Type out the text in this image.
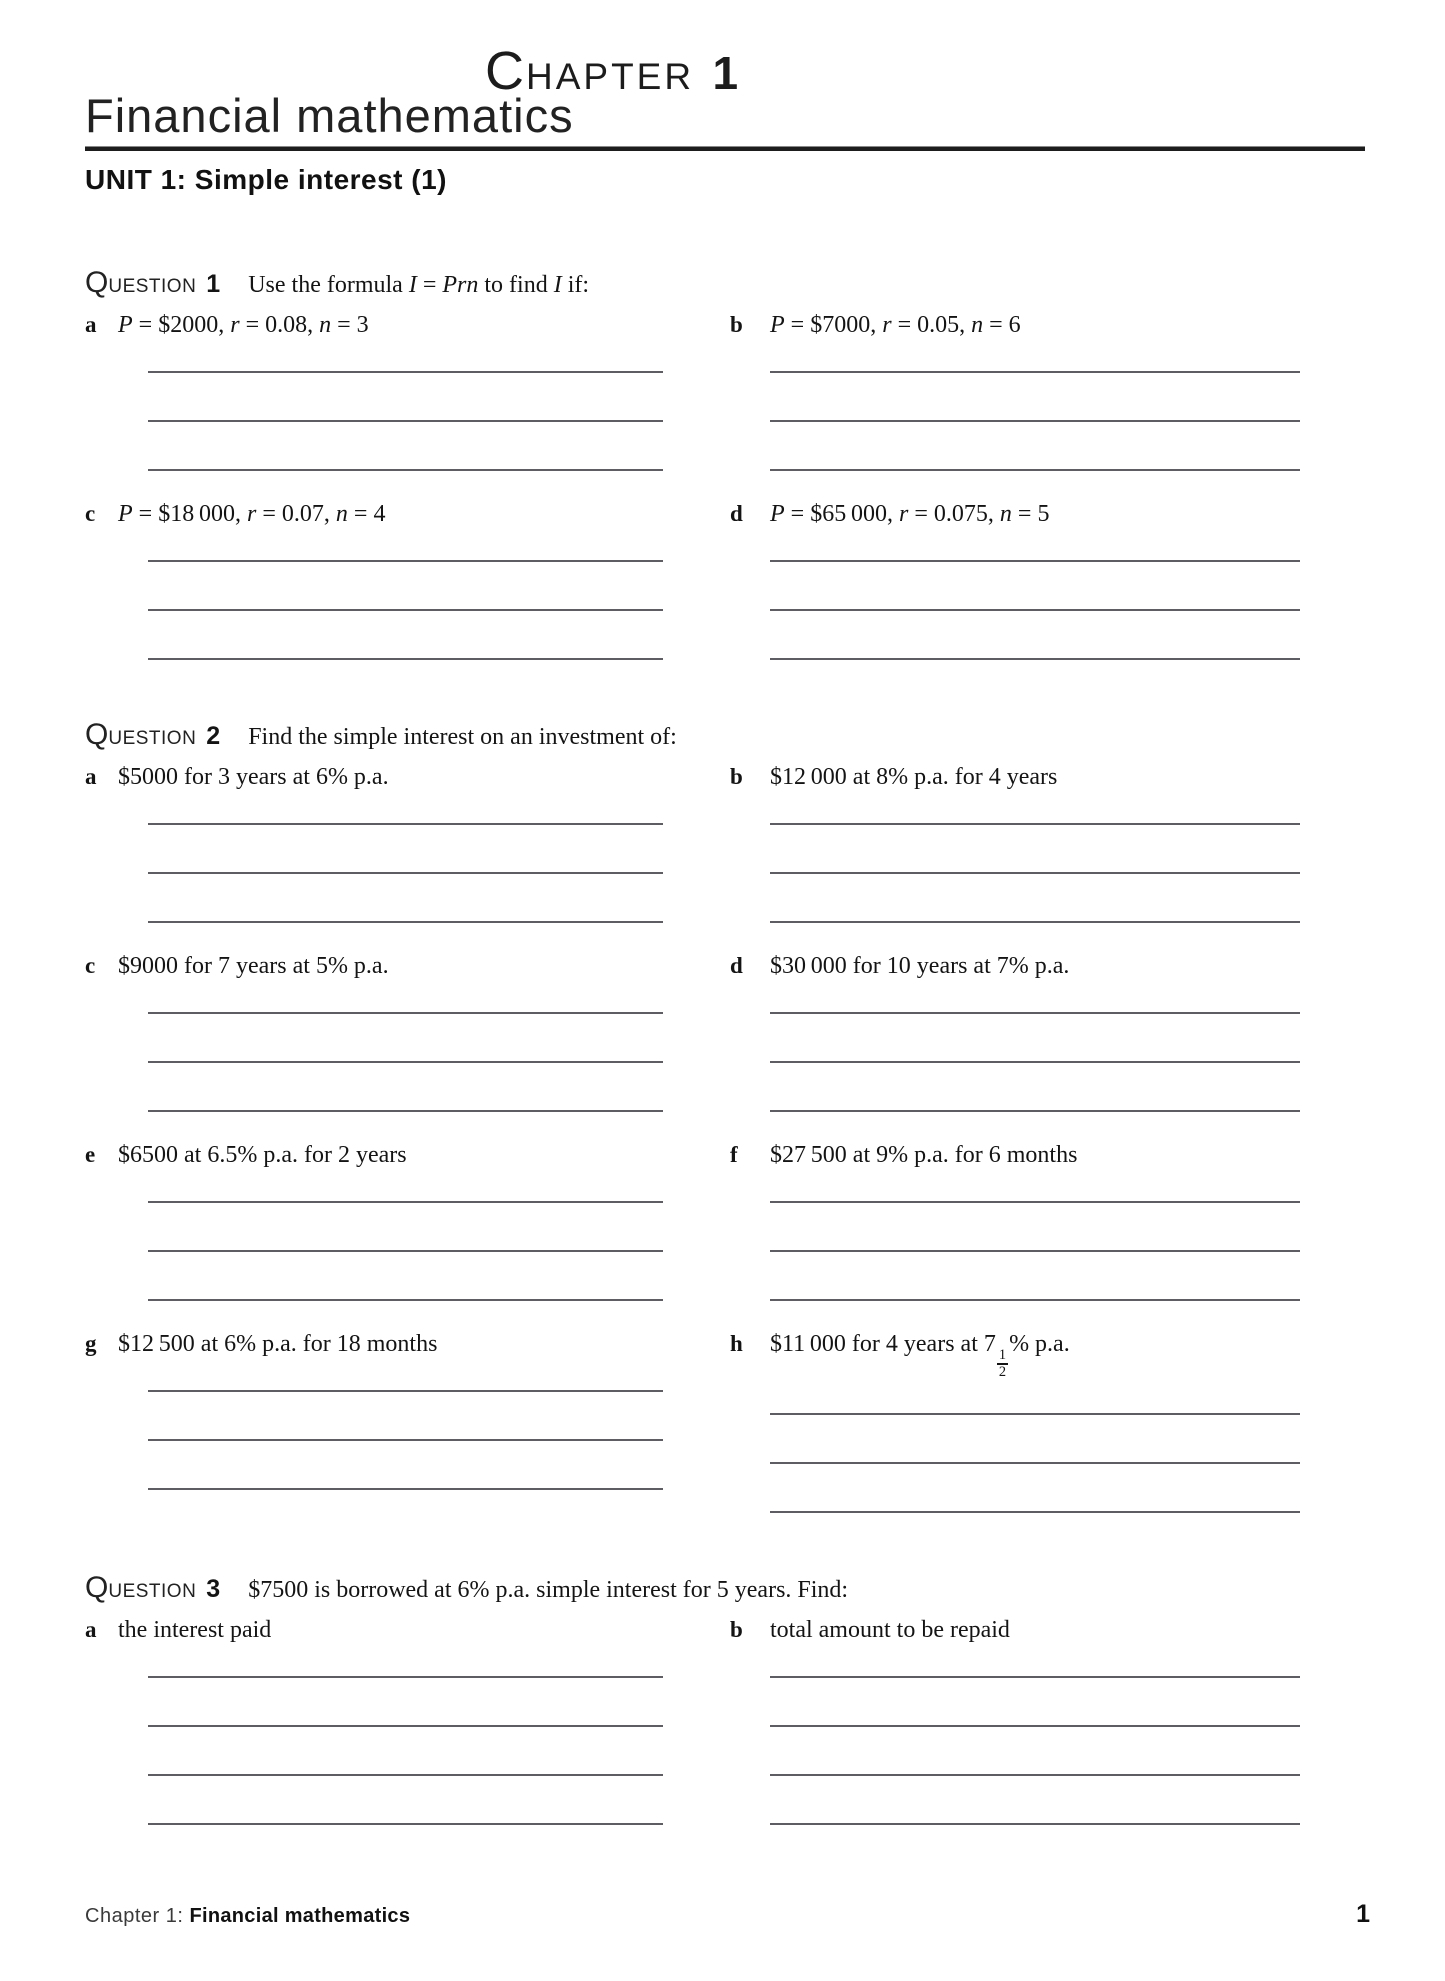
CHAPTER 1
Financial mathematics
UNIT 1: Simple interest (1)
QUESTION 1 Use the formula I = Prn to find I if:
a P = $2000, r = 0.08, n = 3	b	P = $7000, r = 0.05, n = 6
c P = $18 000, r = 0.07, n = 4	d	P = $65 000, r = 0.075, n = 5
QUESTION 2 Find the simple interest on an investment of:
a $5000 for 3 years at 6% p.a.	b	$12 000 at 8% p.a. for 4 years
c $9000 for 7 years at 5% p.a.	d	$30 000 for 10 years at 7% p.a.
e $6500 at 6.5% p.a. for 2 years	f	$27 500 at 9% p.a. for 6 months
g $12 500 at 6% p.a. for 18 months	h	$11 000 for 4 years at 7
$\frac{1}{2}$
% p.a.
QUESTION 3 $7500 is borrowed at 6% p.a. simple interest for 5 years. Find:
a the interest paid	b	total amount to be repaid
Chapter 1: Financial mathematics	1
